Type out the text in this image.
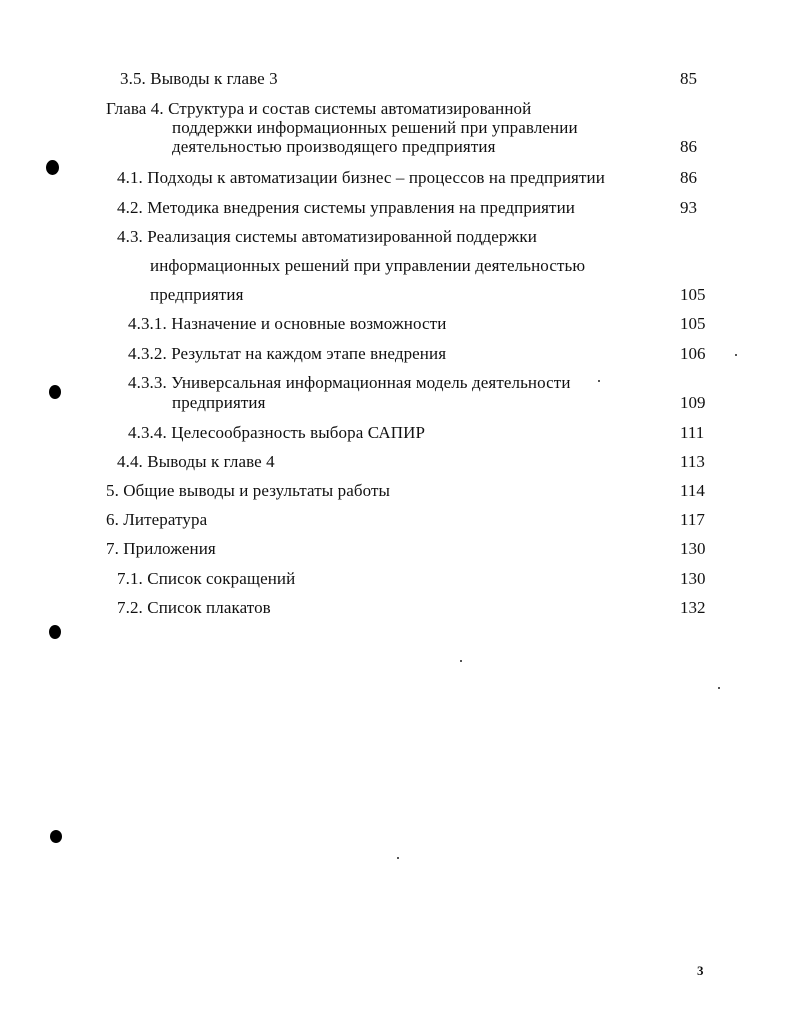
3.5. Выводы к главе 3	85
Глава 4. Структура и состав системы автоматизированной
поддержки информационных решений при управлении
деятельностью производящего предприятия	86
4.1. Подходы к автоматизации бизнес – процессов на предприятии	86
4.2. Методика внедрения системы управления на предприятии	93
4.3. Реализация системы автоматизированной поддержки
информационных решений при управлении деятельностью
предприятия	105
4.3.1. Назначение и основные возможности	105
4.3.2. Результат на каждом этапе внедрения	106
4.3.3. Универсальная информационная модель деятельности
предприятия	109
4.3.4. Целесообразность выбора САПИР	111
4.4. Выводы к главе 4	113
5. Общие выводы и результаты работы	114
6. Литература	117
7. Приложения	130
7.1. Список сокращений	130
7.2. Список плакатов	132
3
